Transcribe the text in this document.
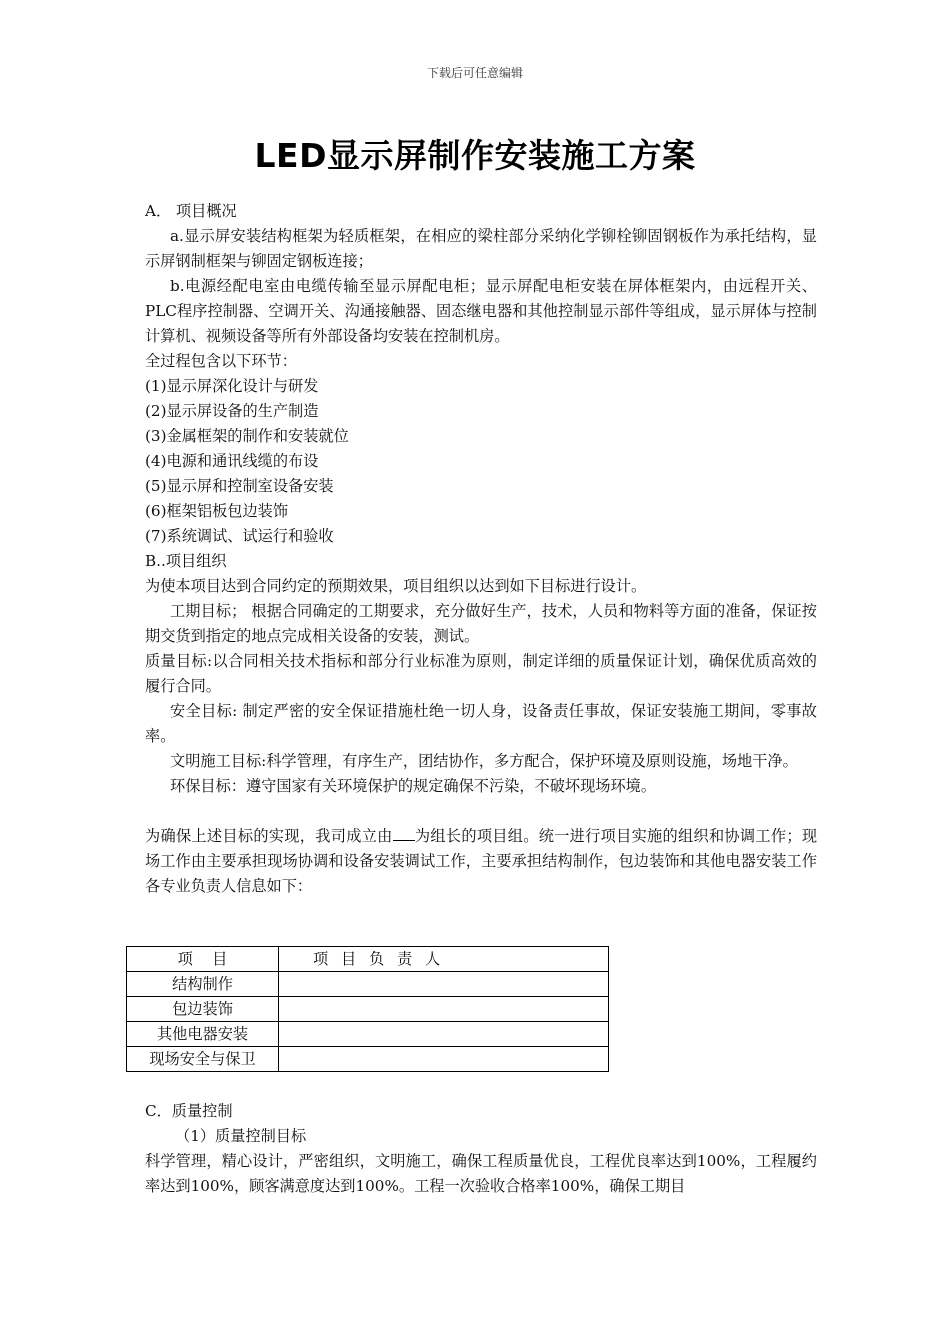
下载后可任意编辑
LED显示屏制作安装施工方案

A． 项目概况

a.显示屏安装结构框架为轻质框架，在相应的梁柱部分采纳化学铆栓铆固钢板作为承托结构，显示屏钢制框架与铆固定钢板连接；

b.电源经配电室由电缆传输至显示屏配电柜；显示屏配电柜安装在屏体框架内，由远程开关、PLC程序控制器、空调开关、沟通接触器、固态继电器和其他控制显示部件等组成，显示屏体与控制计算机、视频设备等所有外部设备均安装在控制机房。

全过程包含以下环节：

(1)显示屏深化设计与研发

(2)显示屏设备的生产制造

(3)金属框架的制作和安装就位

(4)电源和通讯线缆的布设

(5)显示屏和控制室设备安装

(6)框架铝板包边装饰

(7)系统调试、试运行和验收

B..项目组织

为使本项目达到合同约定的预期效果，项目组织以达到如下目标进行设计。

工期目标； 根据合同确定的工期要求，充分做好生产，技术，人员和物料等方面的准备，保证按期交货到指定的地点完成相关设备的安装，测试。

质量目标:以合同相关技术指标和部分行业标准为原则，制定详细的质量保证计划，确保优质高效的履行合同。

安全目标: 制定严密的安全保证措施杜绝一切人身，设备责任事故，保证安装施工期间，零事故率。

文明施工目标:科学管理，有序生产，团结协作，多方配合，保护环境及原则设施，场地干净。

环保目标：遵守国家有关环境保护的规定确保不污染，不破坏现场环境。

为确保上述目标的实现，我司成立由 为组长的项目组。统一进行项目实施的组织和协调工作；现场工作由主要承担现场协调和设备安装调试工作，主要承担结构制作，包边装饰和其他电器安装工作各专业负责人信息如下：

项    目	项 目 负 责 人
结构制作	
包边装饰	
其他电器安装	
现场安全与保卫	

C．质量控制

（1）质量控制目标

科学管理，精心设计，严密组织，文明施工，确保工程质量优良，工程优良率达到100%，工程履约率达到100%，顾客满意度达到100%。工程一次验收合格率100%，确保工期目
